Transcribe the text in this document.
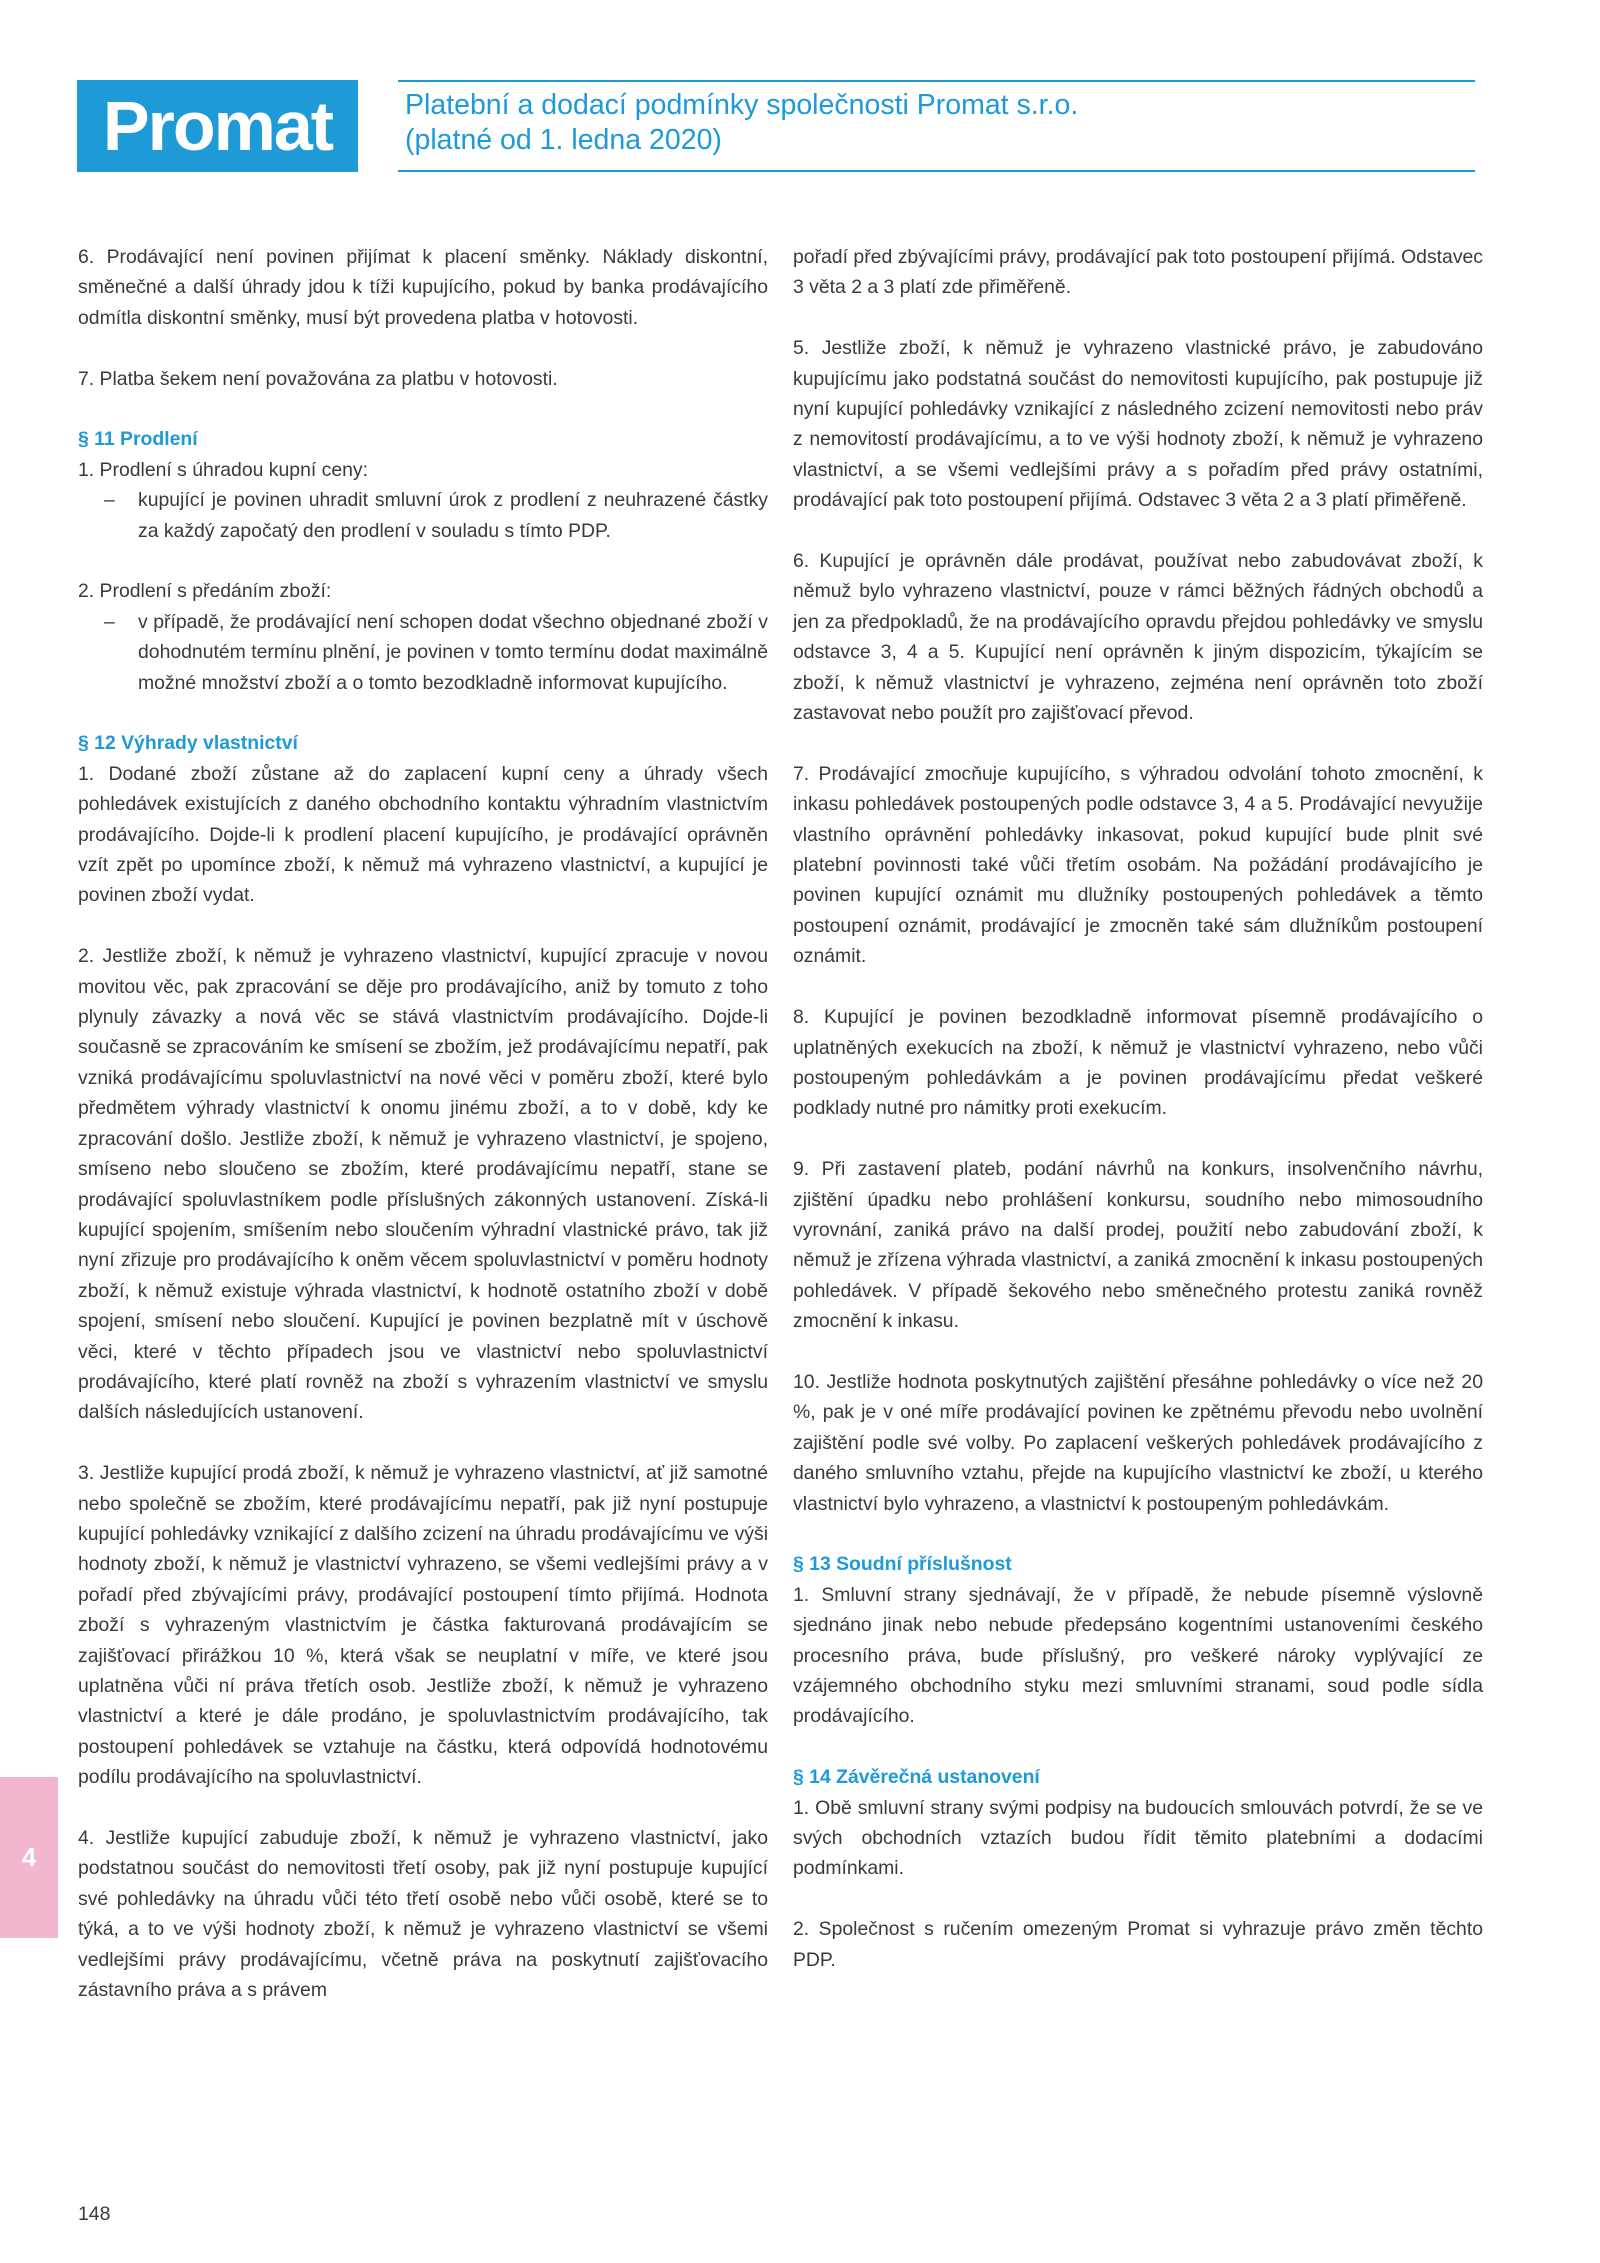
Promat	Platební a dodací podmínky společnosti Promat s.r.o.
(platné od 1. ledna 2020)

6. Prodávající není povinen přijímat k placení směnky. Náklady diskontní, směnečné a další úhrady jdou k tíži kupujícího, pokud by banka prodávajícího odmítla diskontní směnky, musí být provedena platba v hotovosti.

7. Platba šekem není považována za platbu v hotovosti.

§ 11 Prodlení

1. Prodlení s úhradou kupní ceny:

– kupující je povinen uhradit smluvní úrok z prodlení z neuhrazené částky za každý započatý den prodlení v souladu s tímto PDP.

2. Prodlení s předáním zboží:

– v případě, že prodávající není schopen dodat všechno objednané zboží v dohodnutém termínu plnění, je povinen v tomto termínu dodat maximálně možné množství zboží a o tomto bezodkladně informovat kupujícího.

§ 12 Výhrady vlastnictví

1. Dodané zboží zůstane až do zaplacení kupní ceny a úhrady všech pohledávek existujících z daného obchodního kontaktu výhradním vlastnictvím prodávajícího. Dojde-li k prodlení placení kupujícího, je prodávající oprávněn vzít zpět po upomínce zboží, k němuž má vyhrazeno vlastnictví, a kupující je povinen zboží vydat.

2. Jestliže zboží, k němuž je vyhrazeno vlastnictví, kupující zpracuje v novou movitou věc, pak zpracování se děje pro prodávajícího, aniž by tomuto z toho plynuly závazky a nová věc se stává vlastnictvím prodávajícího. Dojde-li současně se zpracováním ke smísení se zbožím, jež prodávajícímu nepatří, pak vzniká prodávajícímu spoluvlastnictví na nové věci v poměru zboží, které bylo předmětem výhrady vlastnictví k onomu jinému zboží, a to v době, kdy ke zpracování došlo. Jestliže zboží, k němuž je vyhrazeno vlastnictví, je spojeno, smíseno nebo sloučeno se zbožím, které prodávajícímu nepatří, stane se prodávající spoluvlastníkem podle příslušných zákonných ustanovení. Získá-li kupující spojením, smíšením nebo sloučením výhradní vlastnické právo, tak již nyní zřizuje pro prodávajícího k oněm věcem spoluvlastnictví v poměru hodnoty zboží, k němuž existuje výhrada vlastnictví, k hodnotě ostatního zboží v době spojení, smísení nebo sloučení. Kupující je povinen bezplatně mít v úschově věci, které v těchto případech jsou ve vlastnictví nebo spoluvlastnictví prodávajícího, které platí rovněž na zboží s vyhrazením vlastnictví ve smyslu dalších následujících ustanovení.

3. Jestliže kupující prodá zboží, k němuž je vyhrazeno vlastnictví, ať již samotné nebo společně se zbožím, které prodávajícímu nepatří, pak již nyní postupuje kupující pohledávky vznikající z dalšího zcizení na úhradu prodávajícímu ve výši hodnoty zboží, k němuž je vlastnictví vyhrazeno, se všemi vedlejšími právy a v pořadí před zbývajícími právy, prodávající postoupení tímto přijímá. Hodnota zboží s vyhrazeným vlastnictvím je částka fakturovaná prodávajícím se zajišťovací přirážkou 10 %, která však se neuplatní v míře, ve které jsou uplatněna vůči ní práva třetích osob. Jestliže zboží, k němuž je vyhrazeno vlastnictví a které je dále prodáno, je spoluvlastnictvím prodávajícího, tak postoupení pohledávek se vztahuje na částku, která odpovídá hodnotovému podílu prodávajícího na spoluvlastnictví.

4. Jestliže kupující zabuduje zboží, k němuž je vyhrazeno vlastnictví, jako podstatnou součást do nemovitosti třetí osoby, pak již nyní postupuje kupující své pohledávky na úhradu vůči této třetí osobě nebo vůči osobě, které se to týká, a to ve výši hodnoty zboží, k němuž je vyhrazeno vlastnictví se všemi vedlejšími právy prodávajícímu, včetně práva na poskytnutí zajišťovacího zástavního práva a s právem

pořadí před zbývajícími právy, prodávající pak toto postoupení přijímá. Odstavec 3 věta 2 a 3 platí zde přiměřeně.

5. Jestliže zboží, k němuž je vyhrazeno vlastnické právo, je zabudováno kupujícímu jako podstatná součást do nemovitosti kupujícího, pak postupuje již nyní kupující pohledávky vznikající z následného zcizení nemovitosti nebo práv z nemovitostí prodávajícímu, a to ve výši hodnoty zboží, k němuž je vyhrazeno vlastnictví, a se všemi vedlejšími právy a s pořadím před právy ostatními, prodávající pak toto postoupení přijímá. Odstavec 3 věta 2 a 3 platí přiměřeně.

6. Kupující je oprávněn dále prodávat, používat nebo zabudovávat zboží, k němuž bylo vyhrazeno vlastnictví, pouze v rámci běžných řádných obchodů a jen za předpokladů, že na prodávajícího opravdu přejdou pohledávky ve smyslu odstavce 3, 4 a 5. Kupující není oprávněn k jiným dispozicím, týkajícím se zboží, k němuž vlastnictví je vyhrazeno, zejména není oprávněn toto zboží zastavovat nebo použít pro zajišťovací převod.

7. Prodávající zmocňuje kupujícího, s výhradou odvolání tohoto zmocnění, k inkasu pohledávek postoupených podle odstavce 3, 4 a 5. Prodávající nevyužije vlastního oprávnění pohledávky inkasovat, pokud kupující bude plnit své platební povinnosti také vůči třetím osobám. Na požádání prodávajícího je povinen kupující oznámit mu dlužníky postoupených pohledávek a těmto postoupení oznámit, prodávající je zmocněn také sám dlužníkům postoupení oznámit.

8. Kupující je povinen bezodkladně informovat písemně prodávajícího o uplatněných exekucích na zboží, k němuž je vlastnictví vyhrazeno, nebo vůči postoupeným pohledávkám a je povinen prodávajícímu předat veškeré podklady nutné pro námitky proti exekucím.

9. Při zastavení plateb, podání návrhů na konkurs, insolvenčního návrhu, zjištění úpadku nebo prohlášení konkursu, soudního nebo mimosoudního vyrovnání, zaniká právo na další prodej, použití nebo zabudování zboží, k němuž je zřízena výhrada vlastnictví, a zaniká zmocnění k inkasu postoupených pohledávek. V případě šekového nebo směnečného protestu zaniká rovněž zmocnění k inkasu.

10. Jestliže hodnota poskytnutých zajištění přesáhne pohledávky o více než 20 %, pak je v oné míře prodávající povinen ke zpětnému převodu nebo uvolnění zajištění podle své volby. Po zaplacení veškerých pohledávek prodávajícího z daného smluvního vztahu, přejde na kupujícího vlastnictví ke zboží, u kterého vlastnictví bylo vyhrazeno, a vlastnictví k postoupeným pohledávkám.

§ 13 Soudní příslušnost

1. Smluvní strany sjednávají, že v případě, že nebude písemně výslovně sjednáno jinak nebo nebude předepsáno kogentními ustanoveními českého procesního práva, bude příslušný, pro veškeré nároky vyplývající ze vzájemného obchodního styku mezi smluvními stranami, soud podle sídla prodávajícího.

§ 14 Závěrečná ustanovení

1. Obě smluvní strany svými podpisy na budoucích smlouvách potvrdí, že se ve svých obchodních vztazích budou řídit těmito platebními a dodacími podmínkami.

2. Společnost s ručením omezeným Promat si vyhrazuje právo změn těchto PDP.

4
148
